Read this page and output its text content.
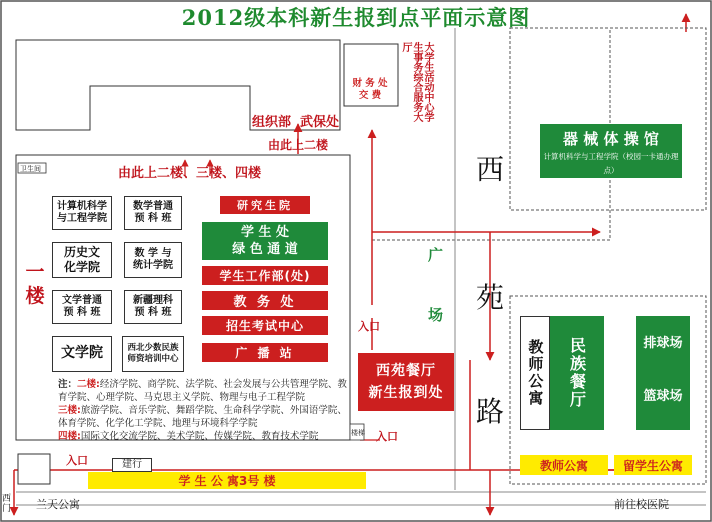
2012级本科新生报到点平面示意图
组织部 武保处
由此上二楼
由此上二楼、三楼、四楼
卫生间
财 务 处
交 费	大学生活动中心学生事务综合服务大厅
一楼
计算机科学
与工程学院
数学普通
预 科 班
历史文
化学院
数 学 与
统计学院
文学普通
预 科 班
新疆理科
预 科 班
文学院	西北少数民族
师资培训中心
研究生院
学 生 处
绿 色 通 道
学生工作部(处)
教 务 处
招生考试中心
广 播 站
入口
西苑餐厅
新生报到处
注：二楼:经济学院、商学院、法学院、社会发展与公共管理学院、教育学院、心理学院、马克思主义学院、物理与电子工程学院
三楼:旅游学院、音乐学院、舞蹈学院、生命科学学院、外国语学院、体育学院、化学化工学院、地理与环境科学学院
四楼:国际文化交流学院、美术学院、传媒学院、教育技术学院	楼梯 入口
入口	建行
学 生 公 寓3号 楼
广
场
西
苑
路
器 械 体 操 馆
计算机科学与工程学院（校园一卡通办理点）
教师公寓	民族餐厅	排球场
篮球场
教师公寓	留学生公寓
西门 兰天公寓	前往校医院
